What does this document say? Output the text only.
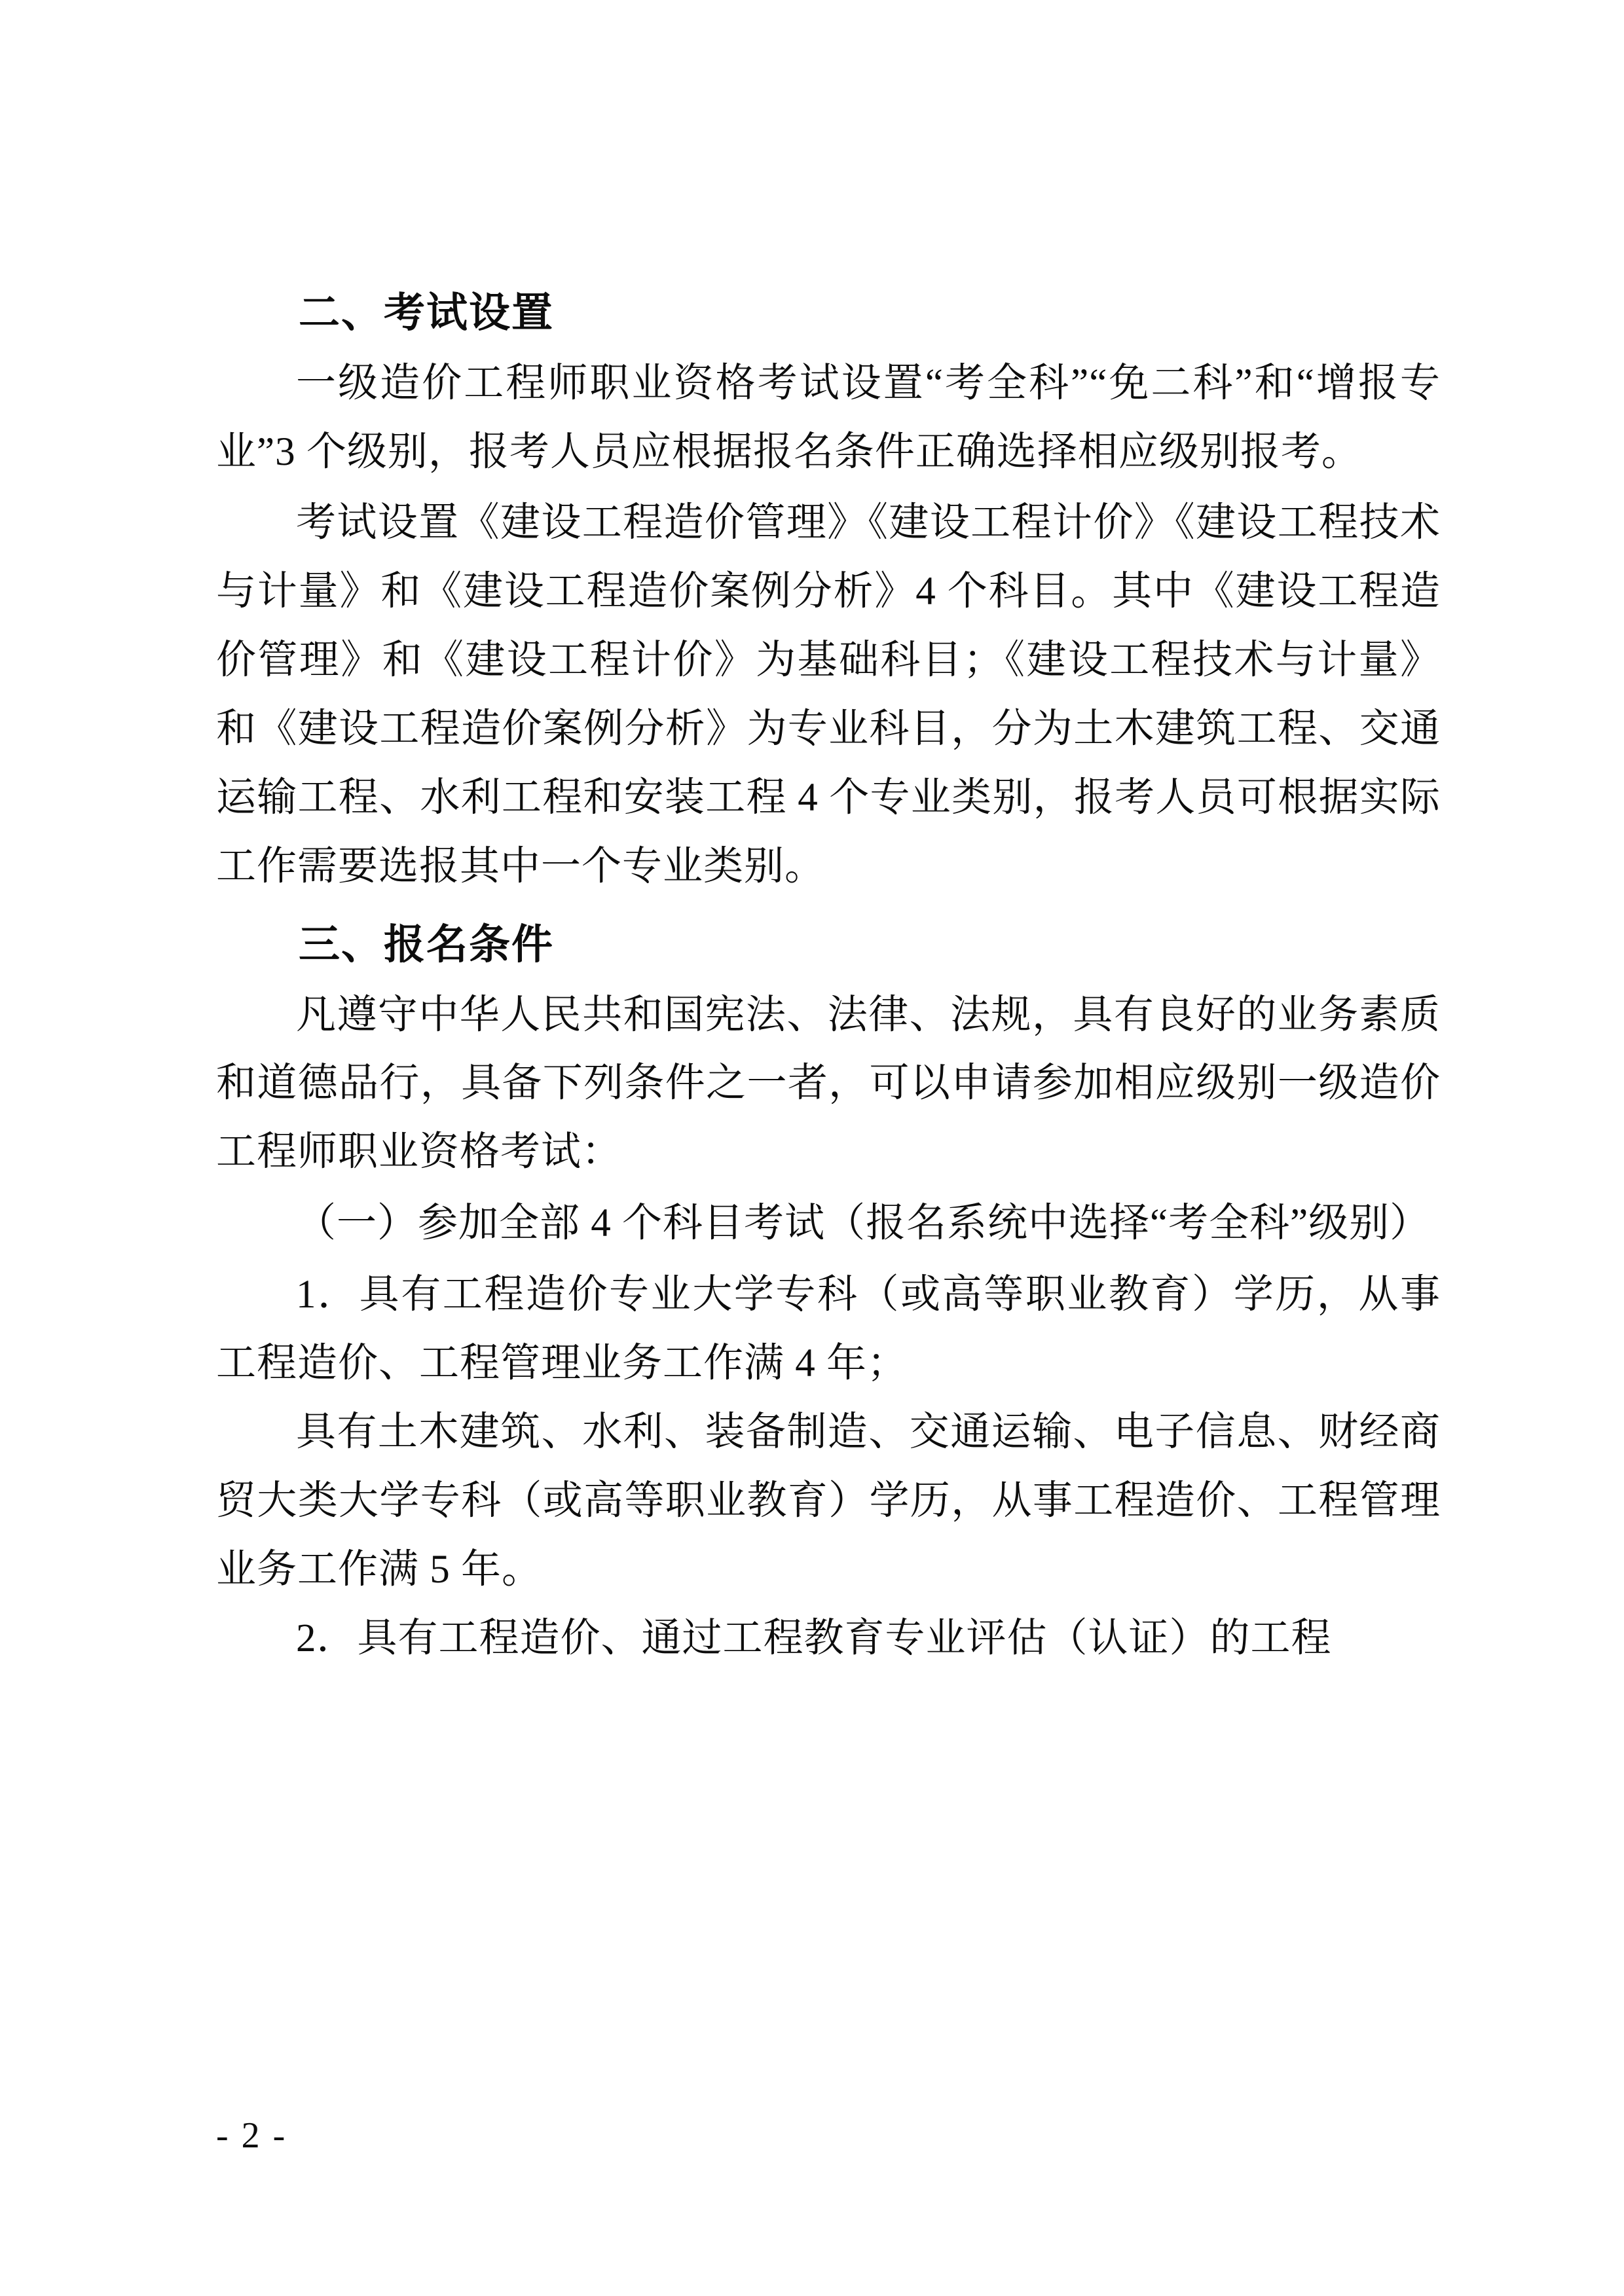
二、考试设置

一级造价工程师职业资格考试设置“考全科”“免二科”和“增报专业”3 个级别，报考人员应根据报名条件正确选择相应级别报考。

考试设置《建设工程造价管理》《建设工程计价》《建设工程技术与计量》和《建设工程造价案例分析》4 个科目。其中《建设工程造价管理》和《建设工程计价》为基础科目；《建设工程技术与计量》和《建设工程造价案例分析》为专业科目，分为土木建筑工程、交通运输工程、水利工程和安装工程 4 个专业类别，报考人员可根据实际工作需要选报其中一个专业类别。

三、报名条件

凡遵守中华人民共和国宪法、法律、法规，具有良好的业务素质和道德品行，具备下列条件之一者，可以申请参加相应级别一级造价工程师职业资格考试：

（一）参加全部 4 个科目考试（报名系统中选择“考全科”级别）

1．具有工程造价专业大学专科（或高等职业教育）学历，从事工程造价、工程管理业务工作满 4 年；

具有土木建筑、水利、装备制造、交通运输、电子信息、财经商贸大类大学专科（或高等职业教育）学历，从事工程造价、工程管理业务工作满 5 年。

2．具有工程造价、通过工程教育专业评估（认证）的工程

- 2 -
